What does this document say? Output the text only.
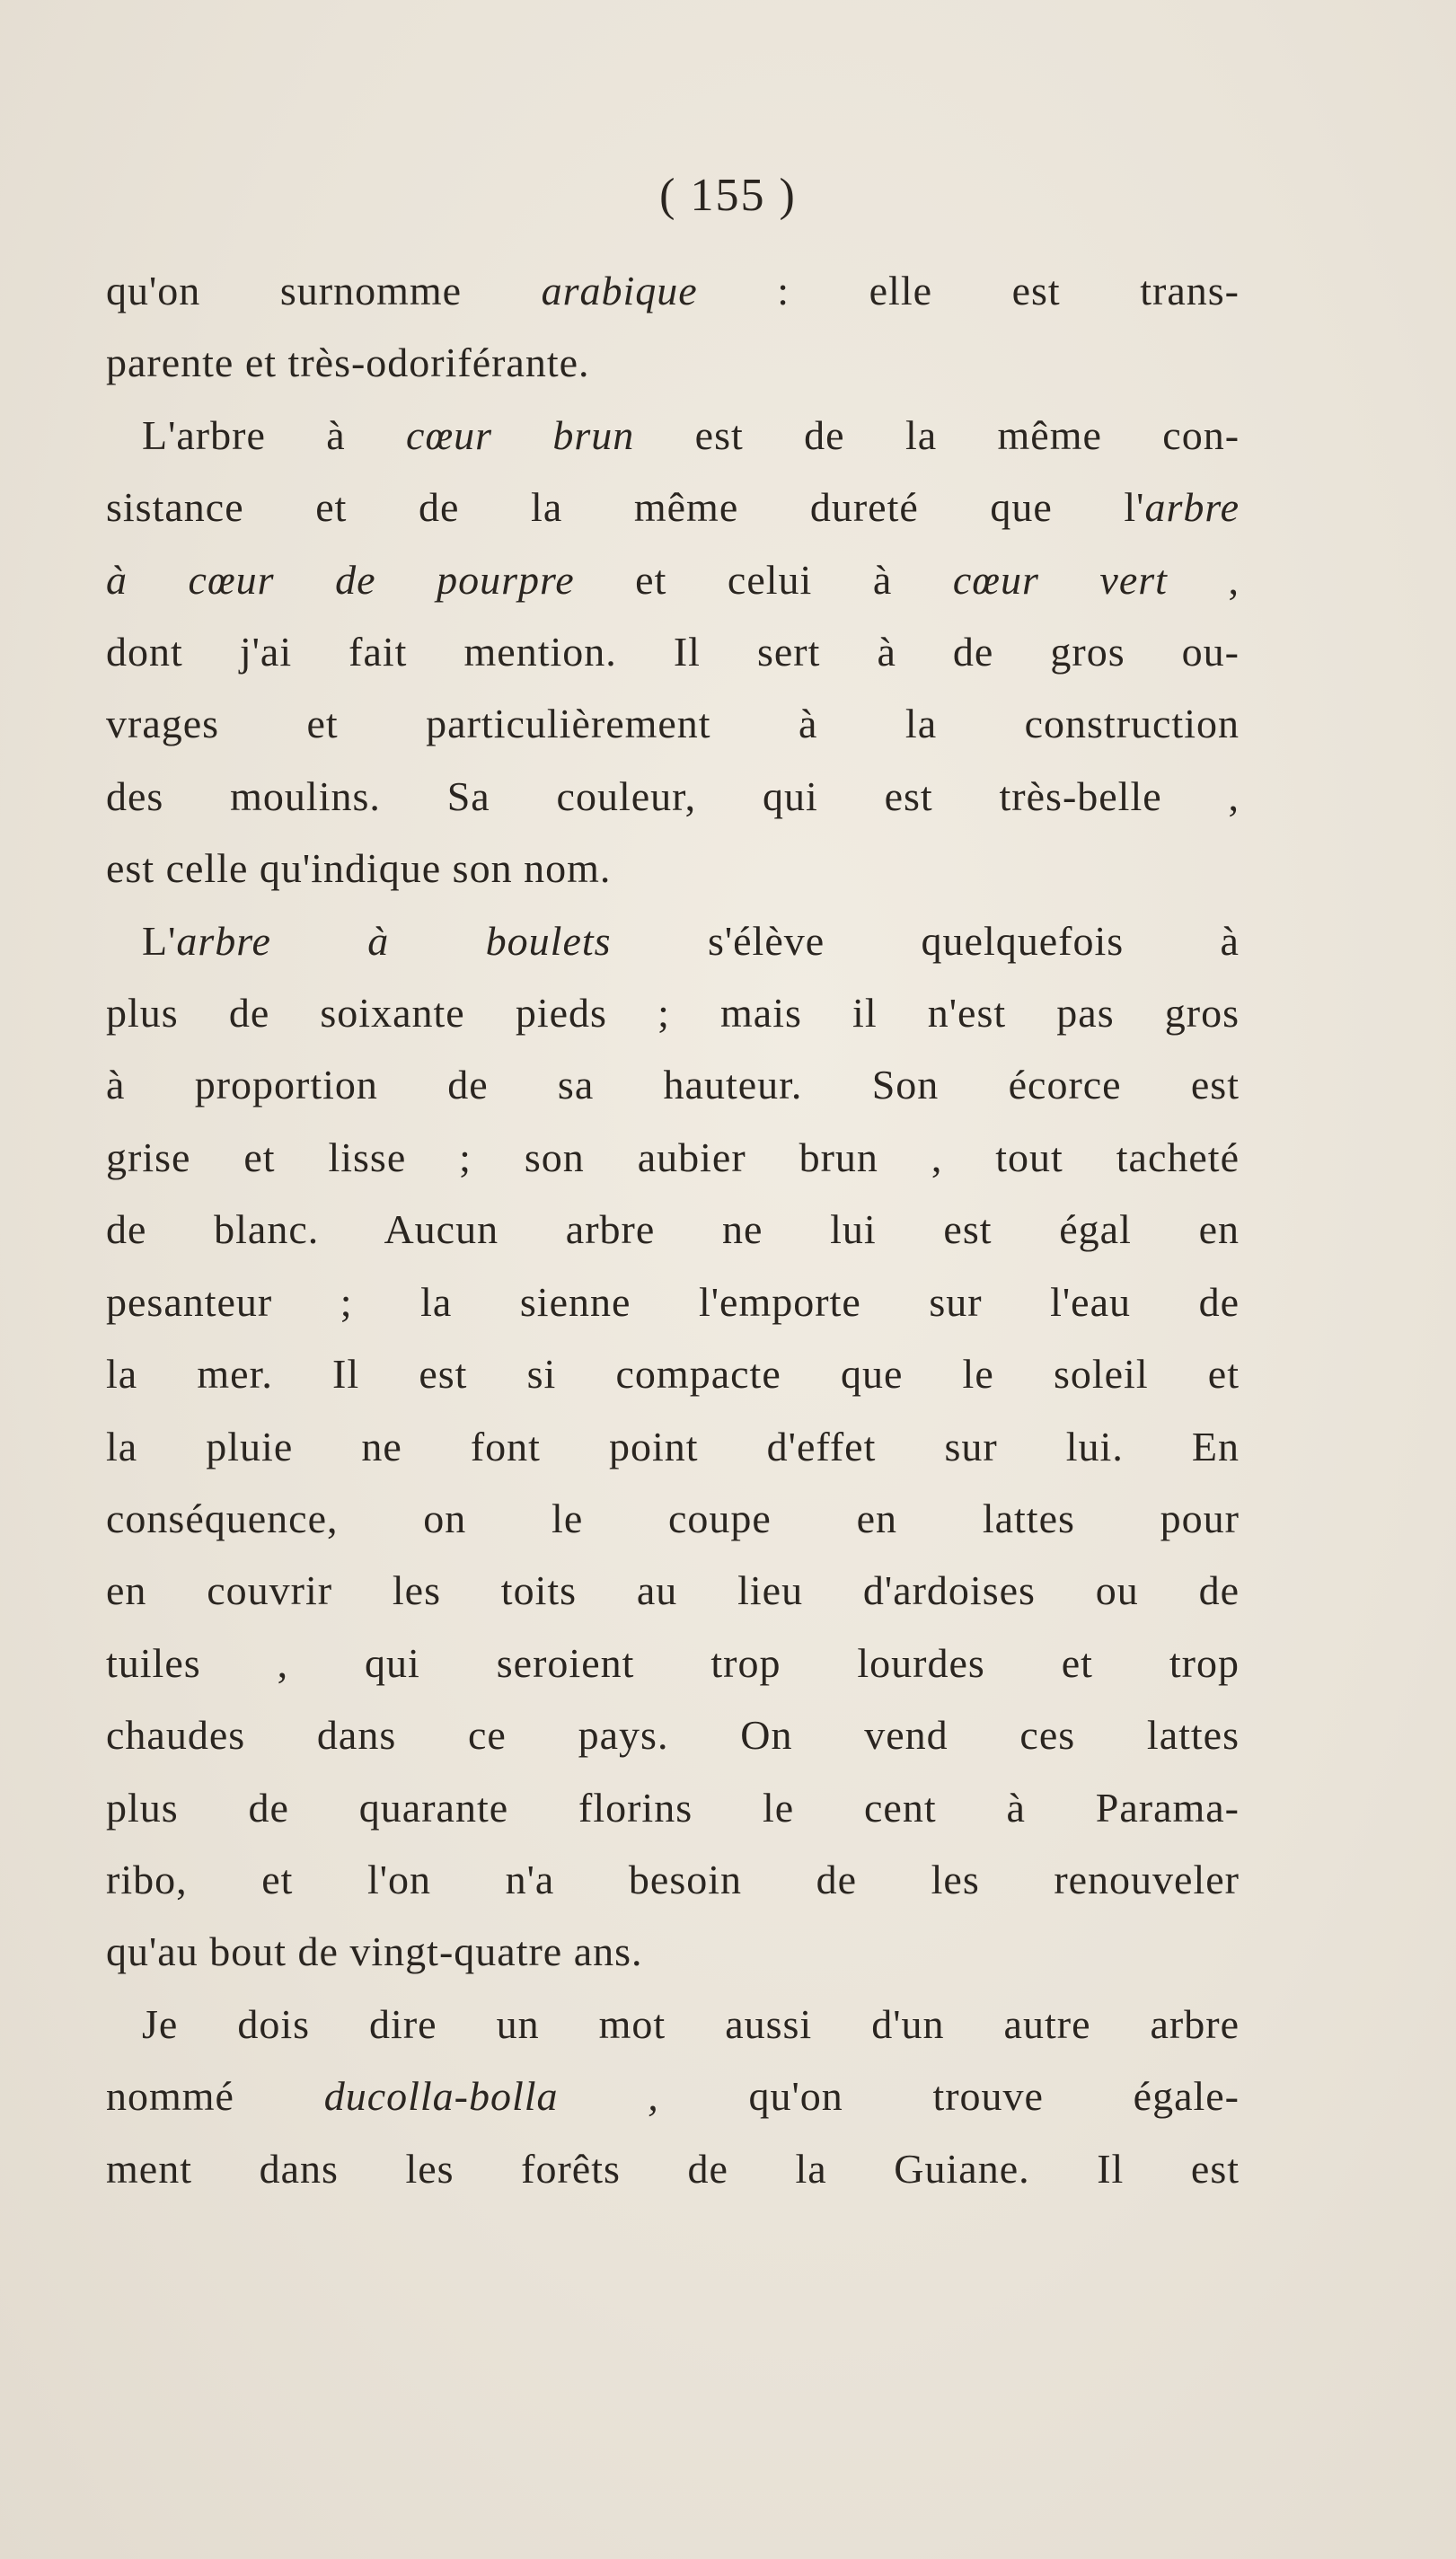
( 155 )
qu'on surnomme arabique : elle est trans-
parente et très-odoriférante.
L'arbre à cœur brun est de la même con-
sistance et de la même dureté que l'arbre
à cœur de pourpre et celui à cœur vert ,
dont j'ai fait mention. Il sert à de gros ou-
vrages et particulièrement à la construction
des moulins. Sa couleur, qui est très-belle ,
est celle qu'indique son nom.
L'arbre à boulets s'élève quelquefois à
plus de soixante pieds ; mais il n'est pas gros
à proportion de sa hauteur. Son écorce est
grise et lisse ; son aubier brun , tout tacheté
de blanc. Aucun arbre ne lui est égal en
pesanteur ; la sienne l'emporte sur l'eau de
la mer. Il est si compacte que le soleil et
la pluie ne font point d'effet sur lui. En
conséquence, on le coupe en lattes pour
en couvrir les toits au lieu d'ardoises ou de
tuiles , qui seroient trop lourdes et trop
chaudes dans ce pays. On vend ces lattes
plus de quarante florins le cent à Parama-
ribo, et l'on n'a besoin de les renouveler
qu'au bout de vingt-quatre ans.
Je dois dire un mot aussi d'un autre arbre
nommé ducolla-bolla , qu'on trouve égale-
ment dans les forêts de la Guiane. Il est
